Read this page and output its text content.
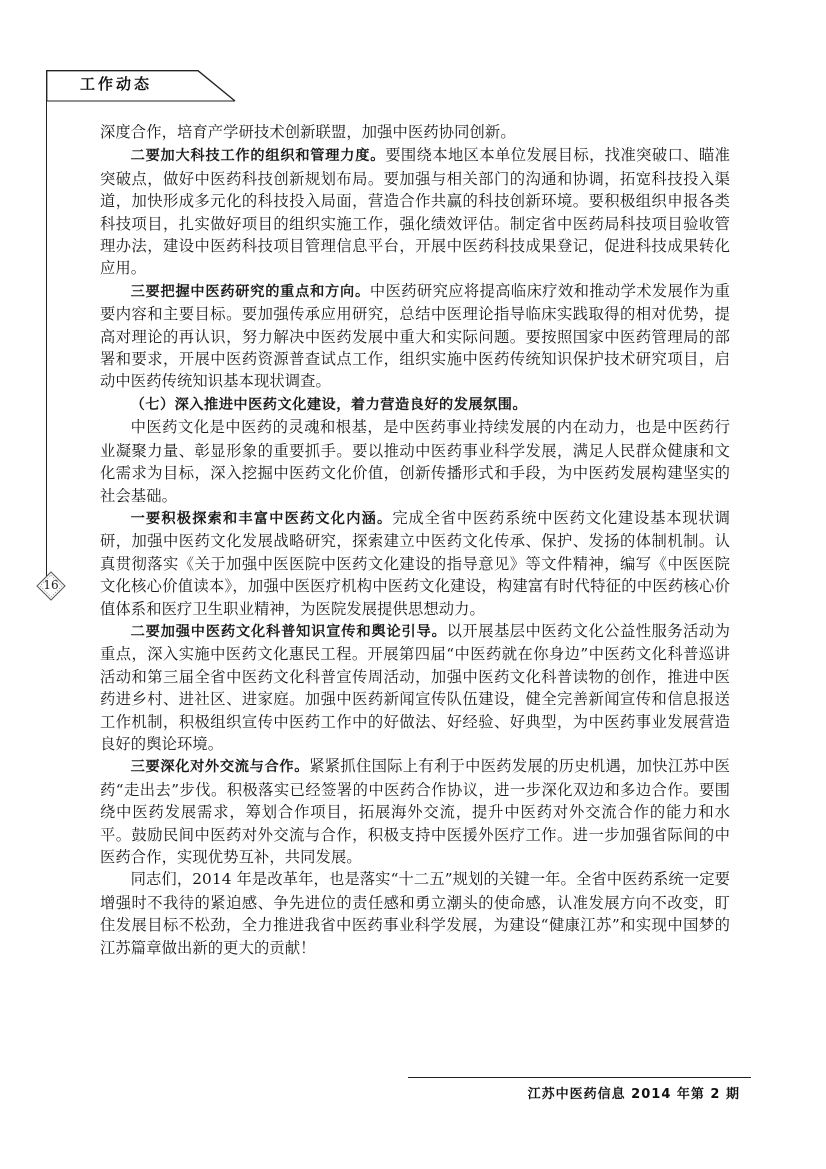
工作动态
16

深度合作，培育产学研技术创新联盟，加强中医药协同创新。

二要加大科技工作的组织和管理力度。要围绕本地区本单位发展目标，找准突破口、瞄准突破点，做好中医药科技创新规划布局。要加强与相关部门的沟通和协调，拓宽科技投入渠道，加快形成多元化的科技投入局面，营造合作共赢的科技创新环境。要积极组织申报各类科技项目，扎实做好项目的组织实施工作，强化绩效评估。制定省中医药局科技项目验收管理办法，建设中医药科技项目管理信息平台，开展中医药科技成果登记，促进科技成果转化应用。

三要把握中医药研究的重点和方向。中医药研究应将提高临床疗效和推动学术发展作为重要内容和主要目标。要加强传承应用研究，总结中医理论指导临床实践取得的相对优势，提高对理论的再认识，努力解决中医药发展中重大和实际问题。要按照国家中医药管理局的部署和要求，开展中医药资源普查试点工作，组织实施中医药传统知识保护技术研究项目，启动中医药传统知识基本现状调查。

（七）深入推进中医药文化建设，着力营造良好的发展氛围。

中医药文化是中医药的灵魂和根基，是中医药事业持续发展的内在动力，也是中医药行业凝聚力量、彰显形象的重要抓手。要以推动中医药事业科学发展，满足人民群众健康和文化需求为目标，深入挖掘中医药文化价值，创新传播形式和手段，为中医药发展构建坚实的社会基础。

一要积极探索和丰富中医药文化内涵。完成全省中医药系统中医药文化建设基本现状调研，加强中医药文化发展战略研究，探索建立中医药文化传承、保护、发扬的体制机制。认真贯彻落实《关于加强中医医院中医药文化建设的指导意见》等文件精神，编写《中医医院文化核心价值读本》，加强中医医疗机构中医药文化建设，构建富有时代特征的中医药核心价值体系和医疗卫生职业精神，为医院发展提供思想动力。

二要加强中医药文化科普知识宣传和舆论引导。以开展基层中医药文化公益性服务活动为重点，深入实施中医药文化惠民工程。开展第四届“中医药就在你身边”中医药文化科普巡讲活动和第三届全省中医药文化科普宣传周活动，加强中医药文化科普读物的创作，推进中医药进乡村、进社区、进家庭。加强中医药新闻宣传队伍建设，健全完善新闻宣传和信息报送工作机制，积极组织宣传中医药工作中的好做法、好经验、好典型，为中医药事业发展营造良好的舆论环境。

三要深化对外交流与合作。紧紧抓住国际上有利于中医药发展的历史机遇，加快江苏中医药“走出去”步伐。积极落实已经签署的中医药合作协议，进一步深化双边和多边合作。要围绕中医药发展需求，筹划合作项目，拓展海外交流，提升中医药对外交流合作的能力和水平。鼓励民间中医药对外交流与合作，积极支持中医援外医疗工作。进一步加强省际间的中医药合作，实现优势互补，共同发展。

同志们，2014 年是改革年，也是落实“十二五”规划的关键一年。全省中医药系统一定要增强时不我待的紧迫感、争先进位的责任感和勇立潮头的使命感，认准发展方向不改变，盯住发展目标不松劲，全力推进我省中医药事业科学发展，为建设“健康江苏”和实现中国梦的江苏篇章做出新的更大的贡献！

江苏中医药信息 2014 年第 2 期
